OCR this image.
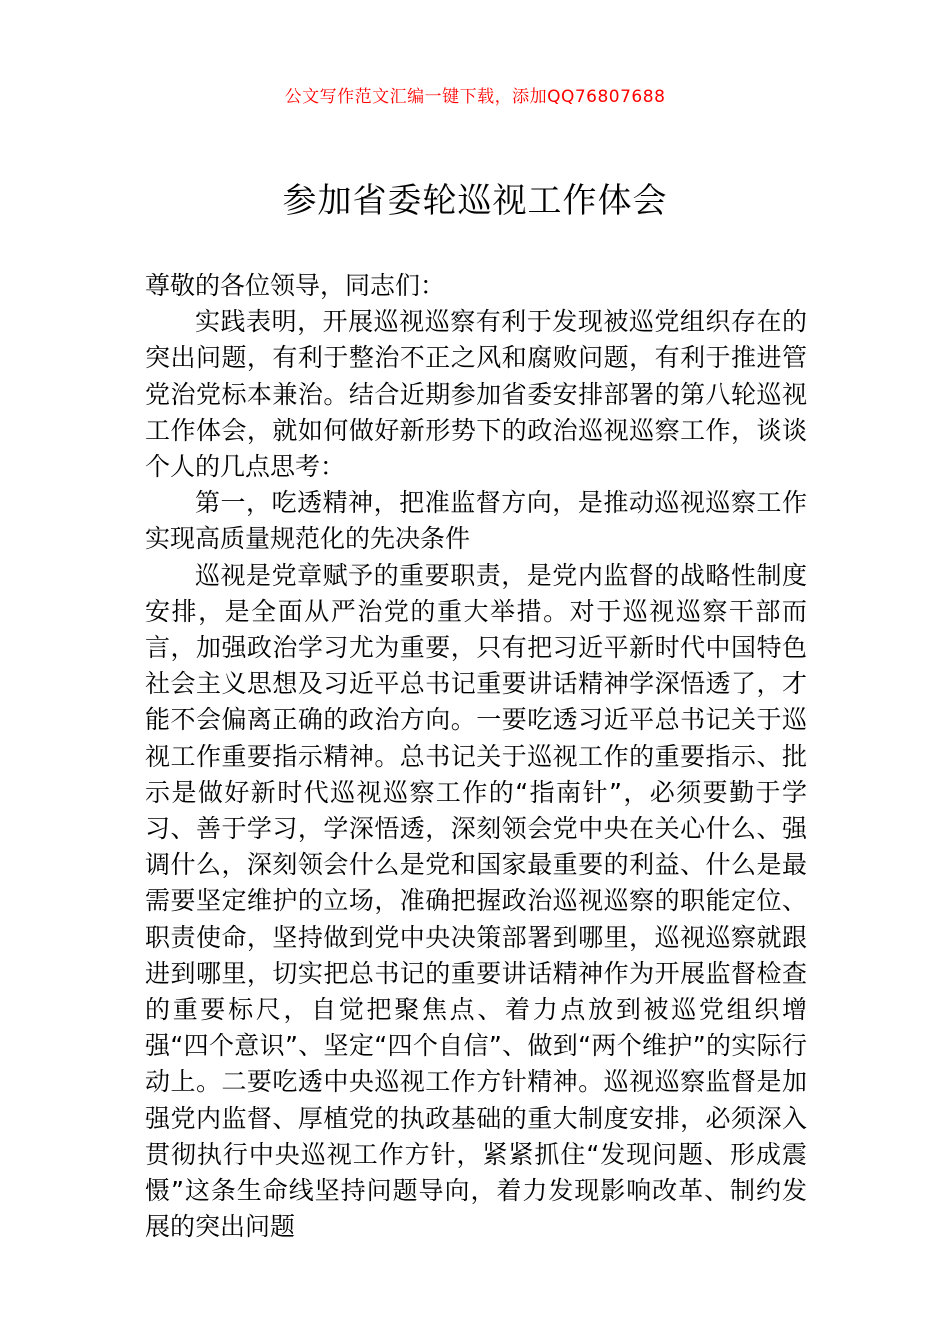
公文写作范文汇编一键下载，添加QQ76807688
参加省委轮巡视工作体会

尊敬的各位领导，同志们：

实践表明，开展巡视巡察有利于发现被巡党组织存在的突出问题，有利于整治不正之风和腐败问题，有利于推进管党治党标本兼治。结合近期参加省委安排部署的第八轮巡视工作体会，就如何做好新形势下的政治巡视巡察工作，谈谈个人的几点思考：

第一，吃透精神，把准监督方向，是推动巡视巡察工作实现高质量规范化的先决条件

巡视是党章赋予的重要职责，是党内监督的战略性制度安排，是全面从严治党的重大举措。对于巡视巡察干部而言，加强政治学习尤为重要，只有把习近平新时代中国特色社会主义思想及习近平总书记重要讲话精神学深悟透了，才能不会偏离正确的政治方向。一要吃透习近平总书记关于巡视工作重要指示精神。总书记关于巡视工作的重要指示、批示是做好新时代巡视巡察工作的“指南针”，必须要勤于学习、善于学习，学深悟透，深刻领会党中央在关心什么、强调什么，深刻领会什么是党和国家最重要的利益、什么是最需要坚定维护的立场，准确把握政治巡视巡察的职能定位、职责使命，坚持做到党中央决策部署到哪里，巡视巡察就跟进到哪里，切实把总书记的重要讲话精神作为开展监督检查的重要标尺，自觉把聚焦点、着力点放到被巡党组织增强“四个意识”、坚定“四个自信”、做到“两个维护”的实际行动上。二要吃透中央巡视工作方针精神。巡视巡察监督是加强党内监督、厚植党的执政基础的重大制度安排，必须深入贯彻执行中央巡视工作方针，紧紧抓住“发现问题、形成震慑”这条生命线坚持问题导向，着力发现影响改革、制约发展的突出问题
